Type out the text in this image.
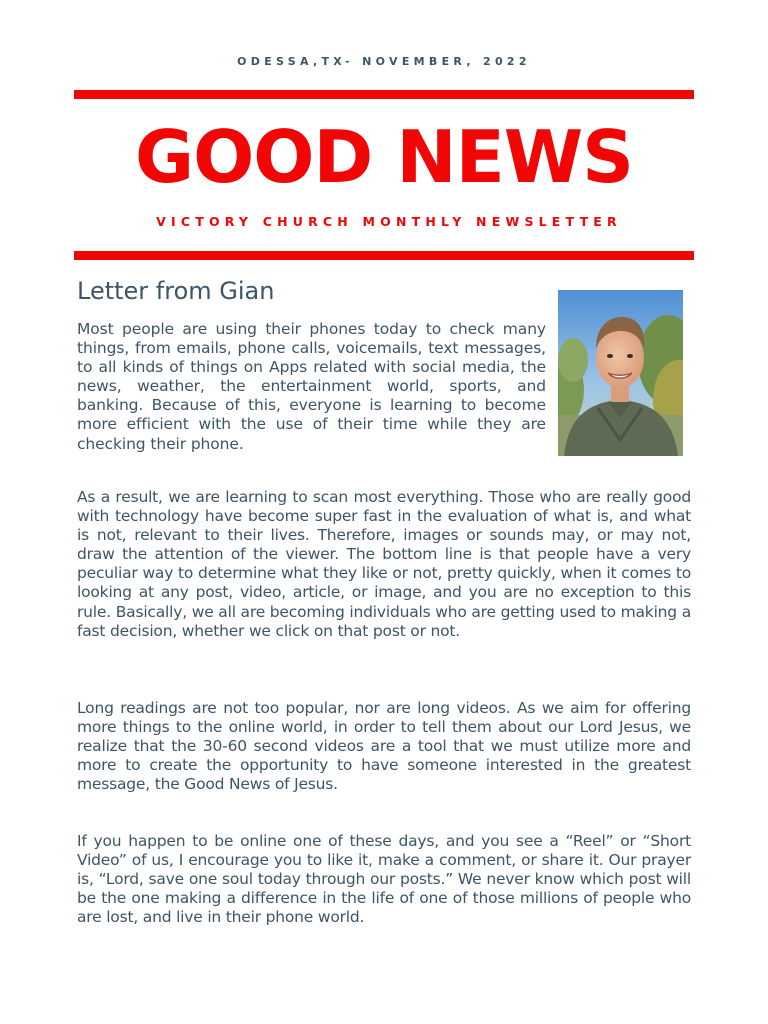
ODESSA,TX- NOVEMBER, 2022

GOOD NEWS

VICTORY CHURCH MONTHLY NEWSLETTER

Letter from Gian

Most people are using their phones today to check many things, from emails, phone calls, voicemails, text messages, to all kinds of things on Apps related with social media, the news, weather, the entertainment world, sports, and banking. Because of this, everyone is learning to become more efficient with the use of their time while they are checking their phone.

As a result, we are learning to scan most everything. Those who are really good with technology have become super fast in the evaluation of what is, and what is not, relevant to their lives. Therefore, images or sounds may, or may not, draw the attention of the viewer. The bottom line is that people have a very peculiar way to determine what they like or not, pretty quickly, when it comes to looking at any post, video, article, or image, and you are no exception to this rule. Basically, we all are becoming individuals who are getting used to making a fast decision, whether we click on that post or not.

Long readings are not too popular, nor are long videos. As we aim for offering more things to the online world, in order to tell them about our Lord Jesus, we realize that the 30-60 second videos are a tool that we must utilize more and more to create the opportunity to have someone interested in the greatest message, the Good News of Jesus.

If you happen to be online one of these days, and you see a “Reel” or “Short Video” of us, I encourage you to like it, make a comment, or share it. Our prayer is, “Lord, save one soul today through our posts.” We never know which post will be the one making a difference in the life of one of those millions of people who are lost, and live in their phone world.
